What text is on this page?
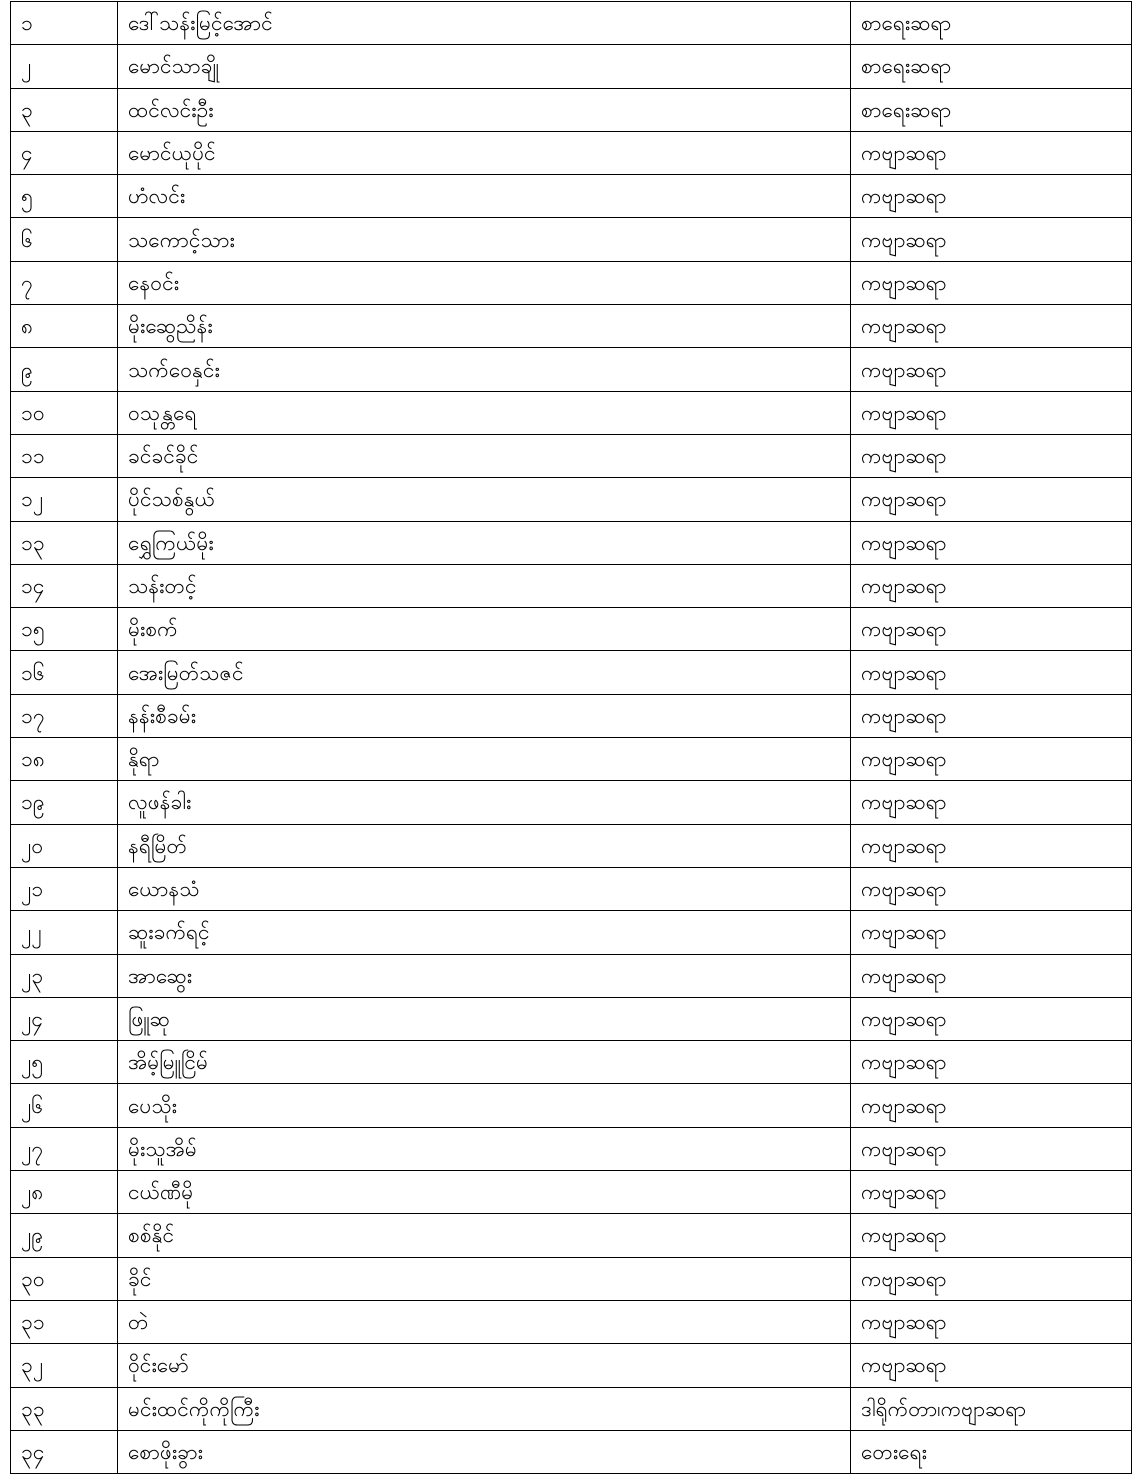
၁	ဒေါ်သန်းမြင့်အောင်	စာရေးဆရာ
၂	မောင်သာချို	စာရေးဆရာ
၃	ထင်လင်းဦး	စာရေးဆရာ
၄	မောင်ယုပိုင်	ကဗျာဆရာ
၅	ဟံလင်း	ကဗျာဆရာ
၆	သကောင့်သား	ကဗျာဆရာ
၇	နေဝင်း	ကဗျာဆရာ
၈	မိုးဆွေညိန်း	ကဗျာဆရာ
၉	သက်ဝေနှင်း	ကဗျာဆရာ
၁၀	ဝသုန္တရေ	ကဗျာဆရာ
၁၁	ခင်ခင်ခိုင်	ကဗျာဆရာ
၁၂	ပိုင်သစ်နွယ်	ကဗျာဆရာ
၁၃	ရွှေကြယ်မိုး	ကဗျာဆရာ
၁၄	သန်းတင့်	ကဗျာဆရာ
၁၅	မိုးစက်	ကဗျာဆရာ
၁၆	အေးမြတ်သဇင်	ကဗျာဆရာ
၁၇	နန်းစီခမ်း	ကဗျာဆရာ
၁၈	နိုရာ	ကဗျာဆရာ
၁၉	လူဖန်ခါး	ကဗျာဆရာ
၂၀	နရီမြိတ်	ကဗျာဆရာ
၂၁	ယောနသံ	ကဗျာဆရာ
၂၂	ဆူးခက်ရင့်	ကဗျာဆရာ
၂၃	အာဆွေး	ကဗျာဆရာ
၂၄	ဖြူဆု	ကဗျာဆရာ
၂၅	အိမ့်မြူငြိမ်	ကဗျာဆရာ
၂၆	ပေသိုး	ကဗျာဆရာ
၂၇	မိုးသူအိမ်	ကဗျာဆရာ
၂၈	ငယ်ဏီမို	ကဗျာဆရာ
၂၉	စစ်နိုင်	ကဗျာဆရာ
၃၀	ခိုင်	ကဗျာဆရာ
၃၁	တဲ	ကဗျာဆရာ
၃၂	ဝိုင်းမော်	ကဗျာဆရာ
၃၃	မင်းထင်ကိုကိုကြီး	ဒါရိုက်တာ၊ကဗျာဆရာ
၃၄	စောဖိုးခွား	တေးရေး
